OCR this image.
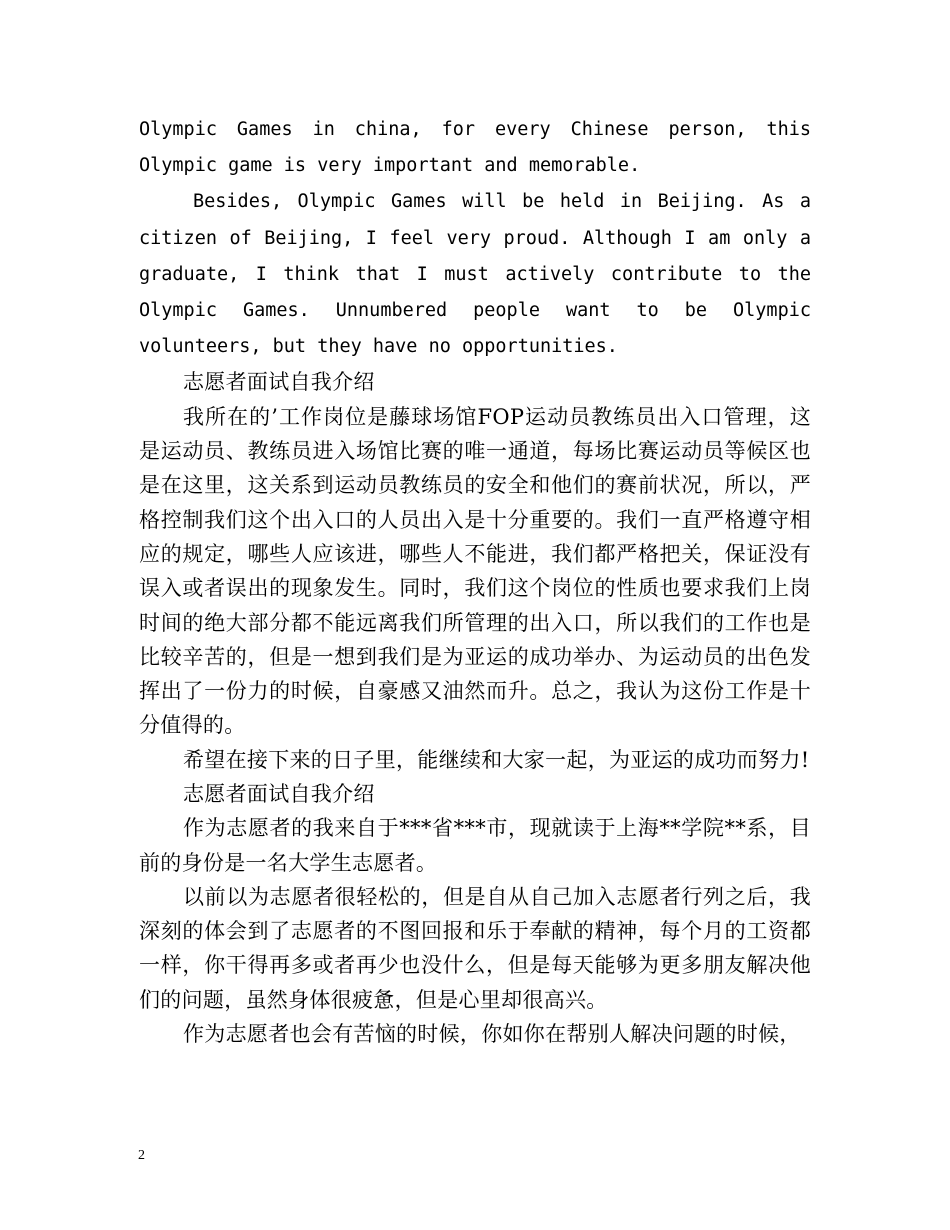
Olympic Games in china, for every Chinese person, this Olympic game is very important and memorable.

Besides, Olympic Games will be held in Beijing. As a citizen of Beijing, I feel very proud. Although I am only a graduate, I think that I must actively contribute to the Olympic Games. Unnumbered people want to be Olympic volunteers, but they have no opportunities.

志愿者面试自我介绍

我所在的’工作岗位是藤球场馆FOP运动员教练员出入口管理，这是运动员、教练员进入场馆比赛的唯一通道，每场比赛运动员等候区也是在这里，这关系到运动员教练员的安全和他们的赛前状况，所以，严格控制我们这个出入口的人员出入是十分重要的。我们一直严格遵守相应的规定，哪些人应该进，哪些人不能进，我们都严格把关，保证没有误入或者误出的现象发生。同时，我们这个岗位的性质也要求我们上岗时间的绝大部分都不能远离我们所管理的出入口，所以我们的工作也是比较辛苦的，但是一想到我们是为亚运的成功举办、为运动员的出色发挥出了一份力的时候，自豪感又油然而升。总之，我认为这份工作是十分值得的。

希望在接下来的日子里，能继续和大家一起，为亚运的成功而努力!

志愿者面试自我介绍

作为志愿者的我来自于***省***市，现就读于上海**学院**系，目前的身份是一名大学生志愿者。

以前以为志愿者很轻松的，但是自从自己加入志愿者行列之后，我深刻的体会到了志愿者的不图回报和乐于奉献的精神，每个月的工资都一样，你干得再多或者再少也没什么，但是每天能够为更多朋友解决他们的问题，虽然身体很疲惫，但是心里却很高兴。

作为志愿者也会有苦恼的时候，你如你在帮别人解决问题的时候，

2
